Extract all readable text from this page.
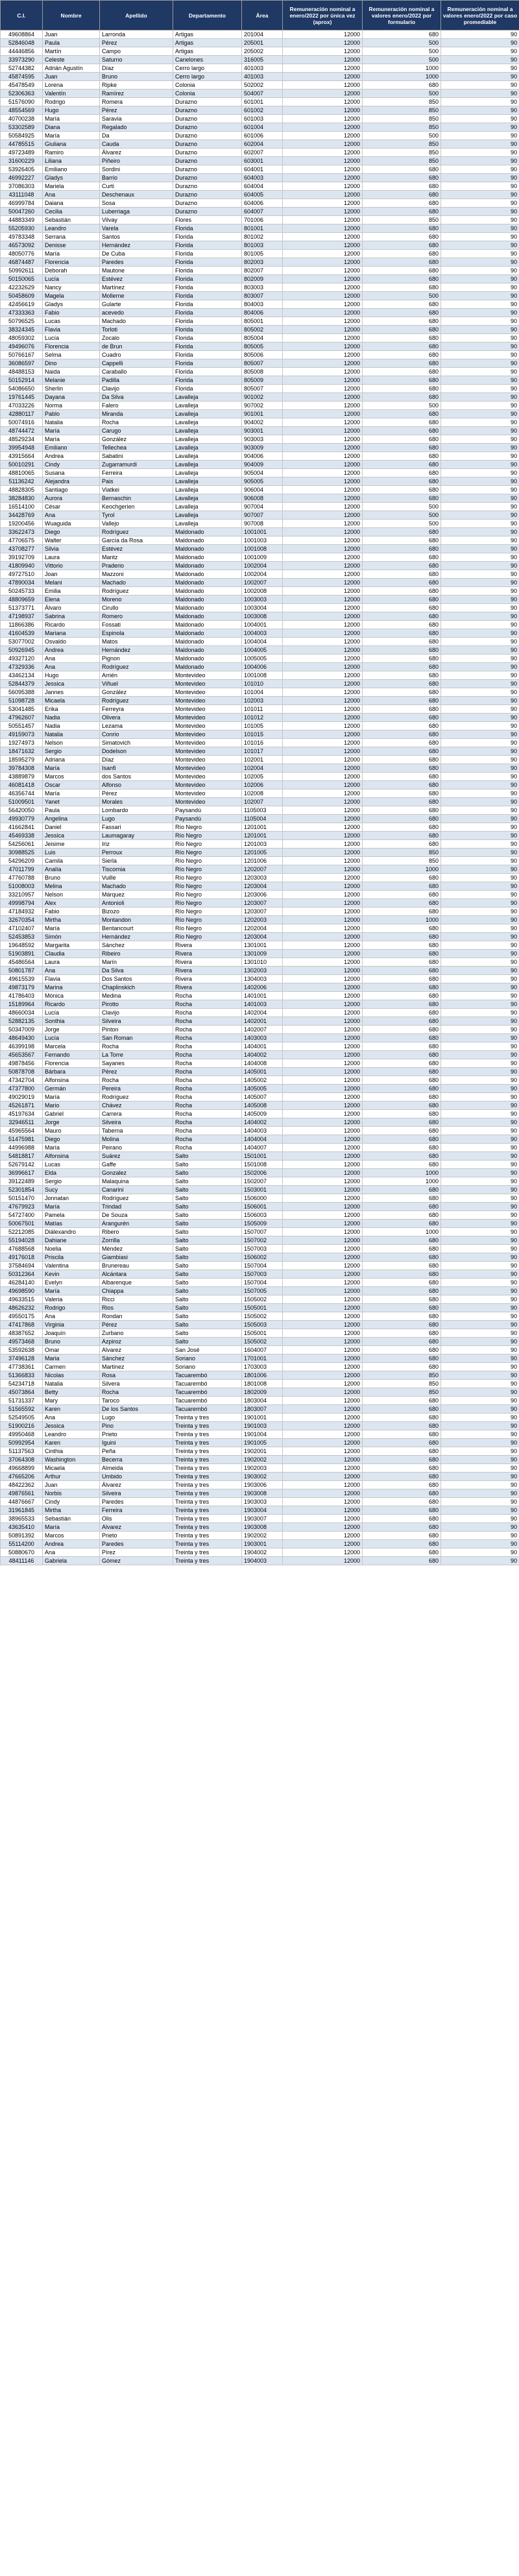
C.I.	Nombre	Apellido	Departamento	Área	Remuneración nominal a enero/2022 por única vez (aprox)	Remuneración nominal a valores enero/2022 por formulario	Remuneración nominal a valores enero/2022 por caso promediable
49608864	Juan	Larronda	Artigas	201004	12000	680	90
52846048	Paula	Pérez	Artigas	205001	12000	500	90
44446856	Martín	Campo	Artigas	205002	12000	500	90
33973290	Celeste	Saturno	Canelones	316005	12000	500	90
52744382	Adrián Agustín	Díaz	Cerro largo	401003	12000	1000	90
45874595	Juan	Bruno	Cerro largo	401003	12000	1000	90
45478549	Lorena	Ripke	Colonia	502002	12000	680	90
52306363	Valentín	Ramírez	Colonia	504007	12000	500	90
51576090	Rodrigo	Romera	Durazno	601001	12000	850	90
48554569	Hugo	Pérez	Durazno	601002	12000	850	90
40700238	María	Saravia	Durazno	601003	12000	850	90
53302589	Diana	Regalado	Durazno	601004	12000	850	90
50584925	María	Da	Durazno	601006	12000	500	90
44785515	Giuliana	Cauda	Durazno	602004	12000	850	90
49723489	Ramiro	Álvarez	Durazno	602007	12000	850	90
31600229	Liliana	Piñeiro	Durazno	603001	12000	850	90
53926405	Emiliano	Sordini	Durazno	604001	12000	680	90
46992227	Gladys	Barrio	Durazno	604003	12000	680	90
37086303	Mariela	Curti	Durazno	604004	12000	680	90
43111048	Ana	Deschenaux	Durazno	604005	12000	680	90
46999784	Daiana	Sosa	Durazno	604006	12000	680	90
50047260	Cecilia	Luberriaga	Durazno	604007	12000	680	90
44883349	Sebastián	Vilvay	Flores	701006	12000	850	90
55205930	Leandro	Varela	Florida	801001	12000	680	90
49783348	Serrana	Santos	Florida	801002	12000	680	90
46573092	Denisse	Hernández	Florida	801003	12000	680	90
48050776	María	De Cuba	Florida	801005	12000	680	90
46874487	Florencia	Paredes	Florida	802003	12000	680	90
50992611	Deborah	Mautone	Florida	802007	12000	680	90
50150065	Lucía	Estévez	Florida	802009	12000	680	90
42232629	Nancy	Martínez	Florida	803003	12000	680	90
50458609	Magela	Mollerne	Florida	803007	12000	500	90
42456619	Gladys	Gularte	Florida	804003	12000	680	90
47333363	Fabio	acevedo	Florida	804006	12000	680	90
50796525	Lucas	Machado	Florida	805001	12000	680	90
38324345	Flavia	Torloti	Florida	805002	12000	680	90
48059302	Lucía	Zocalo	Florida	805004	12000	680	90
49496076	Florencia	de Brun	Florida	805005	12000	680	90
50766167	Selma	Cuadro	Florida	805006	12000	680	90
36086597	Dino	Cappelli	Florida	805007	12000	680	90
48488153	Naida	Caraballo	Florida	805008	12000	680	90
50152914	Melanie	Padilla	Florida	805009	12000	680	90
54086650	Sherlin	Clavijo	Florida	805007	12000	680	90
19761445	Dayana	Da Silva	Lavalleja	901002	12000	680	90
47033226	Norma	Falero	Lavalleja	907002	12000	500	90
42880117	Pablo	Miranda	Lavalleja	901001	12000	680	90
50074916	Natalia	Rocha	Lavalleja	904002	12000	680	90
48744472	María	Carugo	Lavalleja	903001	12000	680	90
48529234	María	González	Lavalleja	903003	12000	680	90
39954948	Emiliano	Tellechea	Lavalleja	903009	12000	680	90
43915664	Andrea	Sabatini	Lavalleja	904006	12000	680	90
50010291	Cindy	Zugarramurdi	Lavalleja	904009	12000	680	90
48810065	Susana	Ferreira	Lavalleja	905004	12000	680	90
51136242	Alejandra	Pais	Lavalleja	905005	12000	680	90
48828305	Santiago	Viatkei	Lavalleja	906004	12000	680	90
38284830	Aurora	Bernaschin	Lavalleja	906008	12000	680	90
16514100	César	Keochgerien	Lavalleja	907004	12000	500	90
34428769	Ana	Tyrol	Lavalleja	907007	12000	500	90
19200456	Wuaguida	Vallejo	Lavalleja	907008	12000	500	90
33622473	Diego	Rodríguez	Maldonado	1001001	12000	680	90
47706575	Walter	García da Rosa	Maldonado	1001003	12000	680	90
43708277	Silvia	Estévez	Maldonado	1001008	12000	680	90
39192709	Laura	Mantz	Maldonado	1001009	12000	680	90
41809940	Vittorio	Praderio	Maldonado	1002004	12000	680	90
49727510	Joan	Mazzoni	Maldonado	1002004	12000	680	90
47890034	Melani	Machado	Maldonado	1002007	12000	680	90
50245733	Emilia	Rodríguez	Maldonado	1002008	12000	680	90
48809659	Elena	Moreno	Maldonado	1003003	12000	680	90
51373771	Álvaro	Cirullo	Maldonado	1003004	12000	680	90
47198937	Sabrina	Romero	Maldonado	1003008	12000	680	90
11866386	Ricardo	Fossati	Maldonado	1004001	12000	680	90
41604539	Mariana	Espinola	Maldonado	1004003	12000	680	90
53077002	Osvaldo	Matos	Maldonado	1004004	12000	680	90
50926945	Andrea	Hernández	Maldonado	1004005	12000	680	90
49327120	Ana	Pignon	Maldonado	1005005	12000	680	90
47329336	Ana	Rodríguez	Maldonado	1004006	12000	680	90
43462134	Hugo	Arrién	Montevideo	1001008	12000	680	90
52844379	Jessica	Viñuel	Montevideo	101010	12000	680	90
56095388	Jannes	González	Montevideo	101004	12000	680	90
51098728	Micaela	Rodríguez	Montevideo	102003	12000	680	90
53041485	Erika	Ferreyra	Montevideo	101011	12000	680	90
47962607	Nadia	Olivera	Montevideo	101012	12000	680	90
50551457	Nadia	Lezama	Montevideo	101005	12000	680	90
49159073	Natalia	Conrio	Montevideo	101015	12000	680	90
19274973	Nelson	Simatovich	Montevideo	101016	12000	680	90
18471632	Sergio	Dodelson	Montevideo	101017	12000	680	90
18595279	Adriana	Díaz	Montevideo	102001	12000	680	90
39784308	María	Isanfi	Montevideo	102004	12000	680	90
43889879	Marcos	dos Santos	Montevideo	102005	12000	680	90
46081418	Oscar	Alfonso	Montevideo	102006	12000	680	90
46356744	María	Pérez	Montevideo	102008	12000	680	90
51009501	Yanet	Morales	Montevideo	102007	12000	680	90
56420050	Paula	Lombardo	Paysandú	1105003	12000	680	90
49930779	Angelina	Lugo	Paysandú	1105004	12000	680	90
41662841	Daniel	Fassari	Río Negro	1201001	12000	680	90
45469338	Jessica	Laumagaray	Río Negro	1201001	12000	680	90
54256061	Jeisime	Iriz	Río Negro	1201003	12000	680	90
30988525	Luis	Perroux	Río Negro	1201005	12000	850	90
54296209	Camila	Sierla	Río Negro	1201006	12000	850	90
47011799	Analía	Tiscornia	Río Negro	1202007	12000	1000	90
47760788	Bruno	Vuille	Río Negro	1203003	12000	680	90
51008003	Melina	Machado	Río Negro	1203004	12000	680	90
33210957	Nelson	Márquez	Río Negro	1203006	12000	680	90
49998794	Alex	Antonioli	Río Negro	1203007	12000	680	90
47184932	Fabio	Bizozo	Río Negro	1203007	12000	680	90
32670354	Mirtha	Montandon	Río Negro	1202003	12000	1000	90
47102407	María	Bentancourt	Río Negro	1202004	12000	680	90
52453853	Simón	Hernández	Río Negro	1203004	12000	680	90
19648592	Margarita	Sánchez	Rivera	1301001	12000	680	90
51903891	Claudia	Ribeiro	Rivera	1301009	12000	680	90
45486564	Laura	Marín	Rivera	1301010	12000	680	90
50801787	Ana	Da Silva	Rivera	1302003	12000	680	90
49615539	Flavia	Dos Santos	Rivera	1304003	12000	680	90
49873179	Marina	Chaplinskich	Rivera	1402006	12000	680	90
41786403	Mónica	Medina	Rocha	1401001	12000	680	90
15189964	Ricardo	Pirotto	Rocha	1401003	12000	680	90
48660034	Lucía	Clavijo	Rocha	1402004	12000	680	90
52882135	Sonthia	Silveira	Rocha	1402001	12000	680	90
50347009	Jorge	Pinton	Rocha	1402007	12000	680	90
48649430	Lucía	San Roman	Rocha	1403003	12000	680	90
46399198	Marcela	Rocha	Rocha	1404001	12000	680	90
45653567	Fernando	La Torre	Rocha	1404002	12000	680	90
49878456	Florencia	Sayanes	Rocha	1404008	12000	680	90
50878708	Bárbara	Pérez	Rocha	1405001	12000	680	90
47342704	Alfonsina	Rocha	Rocha	1405002	12000	680	90
47377800	Germán	Pereira	Rocha	1405005	12000	680	90
49029019	María	Rodríguez	Rocha	1405007	12000	680	90
45261871	Mario	Chávez	Rocha	1405008	12000	680	90
45197634	Gabriel	Carrera	Rocha	1405009	12000	680	90
32946511	Jorge	Silveira	Rocha	1404002	12000	680	90
45965564	Mauro	Taberna	Rocha	1404003	12000	680	90
51475981	Diego	Molina	Rocha	1404004	12000	680	90
44996988	María	Peirano	Rocha	1404007	12000	680	90
54818817	Alfonsina	Suárez	Salto	1501001	12000	680	90
52679142	Lucas	Gaffe	Salto	1501008	12000	680	90
36996617	Elda	Gonzalez	Salto	1502006	12000	1000	90
39122489	Sergio	Malaquina	Salto	1502007	12000	1000	90
52301854	Sucy	Canarini	Salto	1503001	12000	680	90
50151470	Jonnatan	Rodríguez	Salto	1506000	12000	680	90
47679923	María	Trindad	Salto	1506001	12000	680	90
54727400	Pamela	De Souza	Salto	1506003	12000	680	90
50067501	Matías	Arangurén	Salto	1505009	12000	680	90
52212085	Diálexandro	Ribero	Salto	1507007	12000	1000	90
55194028	Dahiane	Zorrilla	Salto	1507002	12000	680	90
47688568	Noelia	Méndez	Salto	1507003	12000	680	90
49176018	Priscila	Giambiasi	Salto	1506002	12000	680	90
37584694	Valentina	Brunereau	Salto	1507004	12000	680	90
50312364	Kevin	Alcántara	Salto	1507003	12000	680	90
46284140	Evelyn	Albarenque	Salto	1507004	12000	680	90
49698590	María	Chiappa	Salto	1507005	12000	680	90
49633515	Valeria	Ricci	Salto	1505002	12000	680	90
48626232	Rodrigo	Rios	Salto	1505001	12000	680	90
49550175	Ana	Rondan	Salto	1505002	12000	680	90
47417868	Virginia	Pérez	Salto	1505003	12000	680	90
48387652	Joaquín	Zurbano	Salto	1505001	12000	680	90
49573468	Bruno	Azpiroz	Salto	1505002	12000	680	90
53592638	Omar	Alvarez	San José	1604007	12000	680	90
37496128	Maria	Sánchez	Soriano	1701001	12000	680	90
47738361	Carmen	Martinez	Soriano	1703003	12000	680	90
51366833	Nicolas	Rosa	Tacuarembó	1801006	12000	850	90
54234718	Natalia	Silvera	Tacuarembó	1801008	12000	850	90
45073864	Betty	Rocha	Tacuarembó	1802009	12000	850	90
51731337	Mary	Taroco	Tacuarembó	1803004	12000	680	90
51565592	Karen	De los Santos	Tacuarembó	1803007	12000	680	90
52549505	Ana	Lugo	Treinta y tres	1901001	12000	680	90
51900216	Jessica	Pino	Treinta y tres	1901003	12000	680	90
49950468	Leandro	Prieto	Treinta y tres	1901004	12000	680	90
50992954	Karen	Iguini	Treinta y tres	1901005	12000	680	90
51137563	Cinthia	Peña	Treinta y tres	1902001	12000	680	90
37064308	Washington	Becerra	Treinta y tres	1902002	12000	680	90
49668899	Micaela	Almeida	Treinta y tres	1902003	12000	680	90
47665206	Arthur	Umbido	Treinta y tres	1903002	12000	680	90
48422362	Juan	Álvarez	Treinta y tres	1903006	12000	680	90
49876561	Norbis	Silveira	Treinta y tres	1903008	12000	680	90
44876667	Cindy	Paredes	Treinta y tres	1903003	12000	680	90
31961845	Mirtha	Ferreira	Treinta y tres	1903004	12000	680	90
38965533	Sebastián	Olis	Treinta y tres	1903007	12000	680	90
43635410	María	Alvarez	Treinta y tres	1903008	12000	680	90
50891392	Marcos	Prieto	Treinta y tres	1902002	12000	680	90
55114200	Andrea	Paredes	Treinta y tres	1903001	12000	680	90
50880670	Ana	Pírez	Treinta y tres	1904002	12000	680	90
48411146	Gabriela	Gómez	Treinta y tres	1904003	12000	680	90
